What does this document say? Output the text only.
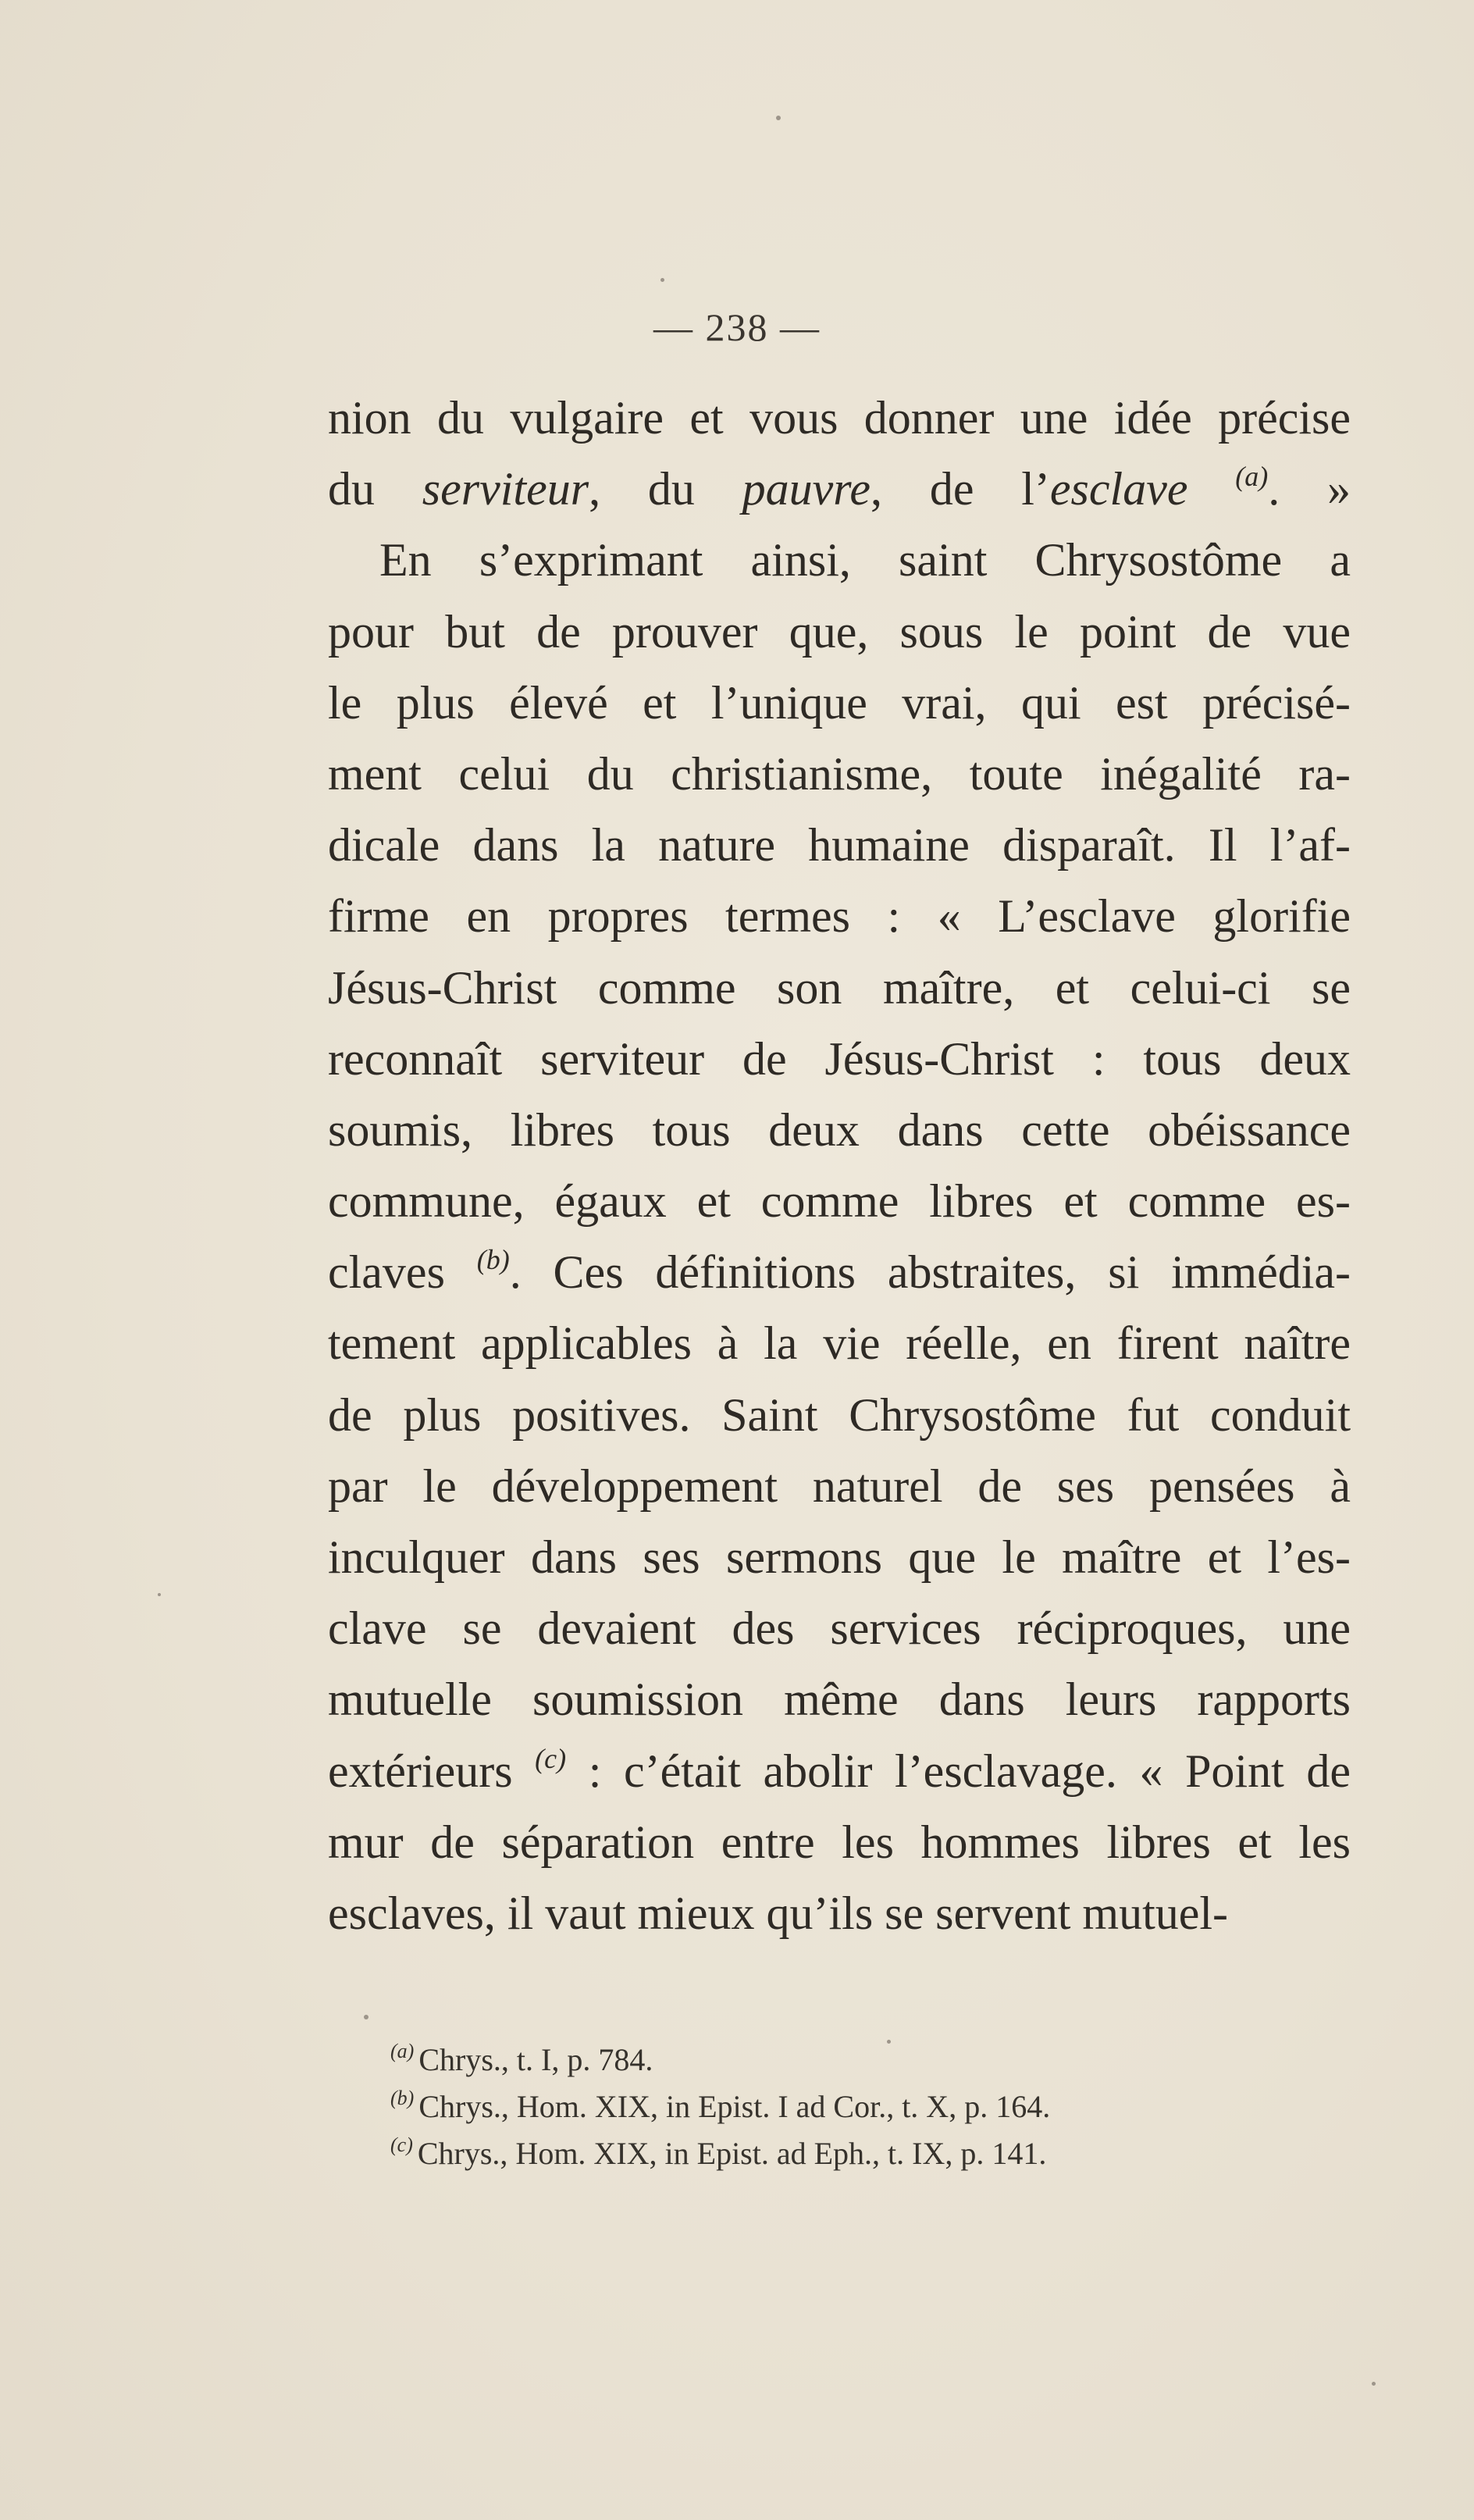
— 238 —
nion du vulgaire et vous donner une idée précise
du serviteur, du pauvre, de l’esclave $^{(a)}$. »
En s’exprimant ainsi, saint Chrysostôme a
pour but de prouver que, sous le point de vue
le plus élevé et l’unique vrai, qui est précisé-
ment celui du christianisme, toute inégalité ra-
dicale dans la nature humaine disparaît. Il l’af-
firme en propres termes : « L’esclave glorifie
Jésus-Christ comme son maître, et celui-ci se
reconnaît serviteur de Jésus-Christ : tous deux
soumis, libres tous deux dans cette obéissance
commune, égaux et comme libres et comme es-
claves $^{(b)}$. Ces définitions abstraites, si immédia-
tement applicables à la vie réelle, en firent naître
de plus positives. Saint Chrysostôme fut conduit
par le développement naturel de ses pensées à
inculquer dans ses sermons que le maître et l’es-
clave se devaient des services réciproques, une
mutuelle soumission même dans leurs rapports
extérieurs $^{(c)}$ : c’était abolir l’esclavage. « Point de
mur de séparation entre les hommes libres et les
esclaves, il vaut mieux qu’ils se servent mutuel-
$^{(a)}$ Chrys., t. I, p. 784.
$^{(b)}$ Chrys., Hom. XIX, in Epist. I ad Cor., t. X, p. 164.
$^{(c)}$ Chrys., Hom. XIX, in Epist. ad Eph., t. IX, p. 141.
